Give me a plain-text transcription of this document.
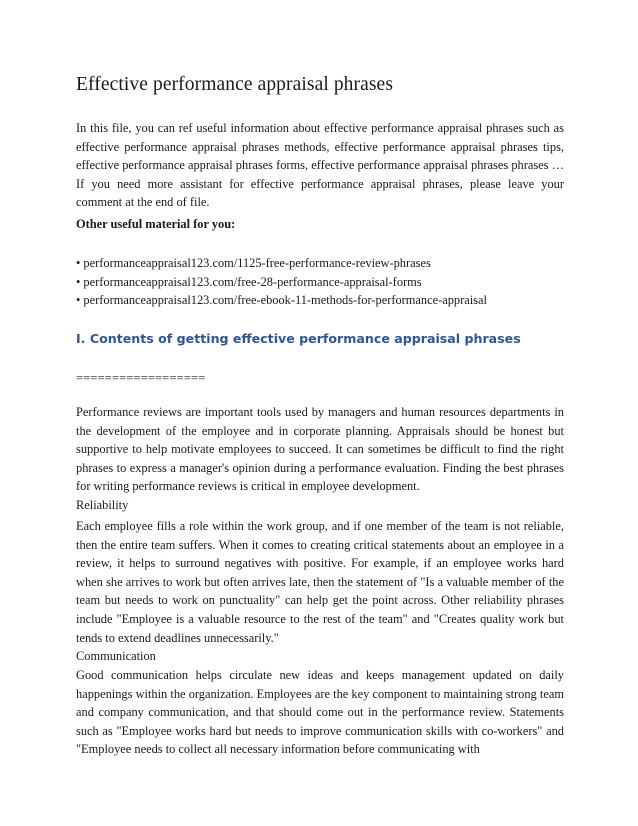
Effective performance appraisal phrases
In this file, you can ref useful information about effective performance appraisal phrases such as effective performance appraisal phrases methods, effective performance appraisal phrases tips, effective performance appraisal phrases forms, effective performance appraisal phrases phrases … If you need more assistant for effective performance appraisal phrases, please leave your comment at the end of file.
Other useful material for you:
• performanceappraisal123.com/1125-free-performance-review-phrases
• performanceappraisal123.com/free-28-performance-appraisal-forms
• performanceappraisal123.com/free-ebook-11-methods-for-performance-appraisal
I. Contents of getting effective performance appraisal phrases
==================

Performance reviews are important tools used by managers and human resources departments in the development of the employee and in corporate planning. Appraisals should be honest but supportive to help motivate employees to succeed. It can sometimes be difficult to find the right phrases to express a manager's opinion during a performance evaluation. Finding the best phrases for writing performance reviews is critical in employee development.

Reliability

Each employee fills a role within the work group, and if one member of the team is not reliable, then the entire team suffers. When it comes to creating critical statements about an employee in a review, it helps to surround negatives with positive. For example, if an employee works hard when she arrives to work but often arrives late, then the statement of "Is a valuable member of the team but needs to work on punctuality" can help get the point across. Other reliability phrases include "Employee is a valuable resource to the rest of the team" and "Creates quality work but tends to extend deadlines unnecessarily."

Communication

Good communication helps circulate new ideas and keeps management updated on daily happenings within the organization. Employees are the key component to maintaining strong team and company communication, and that should come out in the performance review. Statements such as "Employee works hard but needs to improve communication skills with co-workers" and "Employee needs to collect all necessary information before communicating with
